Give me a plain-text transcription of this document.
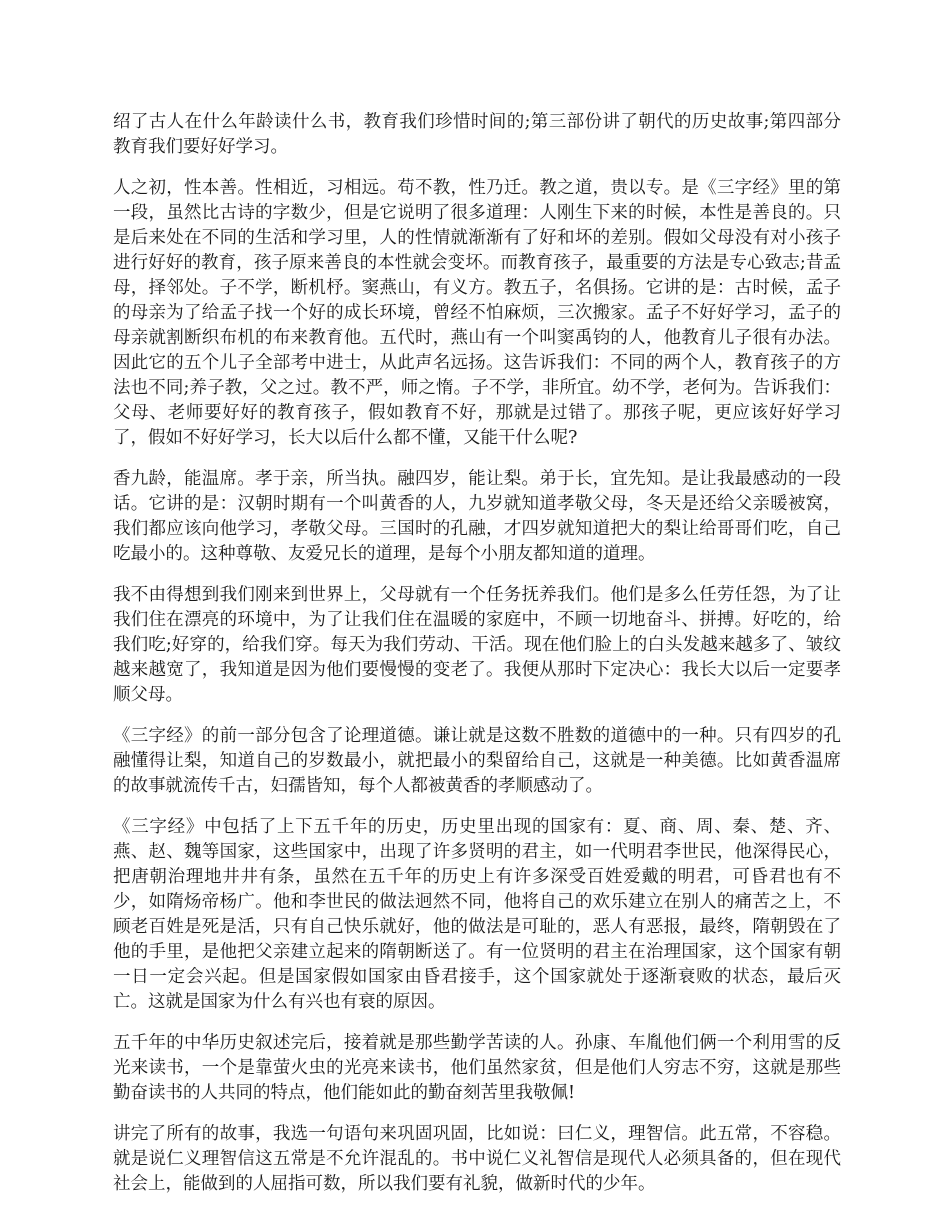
绍了古人在什么年龄读什么书，教育我们珍惜时间的;第三部份讲了朝代的历史故事;第四部分教育我们要好好学习。

人之初，性本善。性相近，习相远。苟不教，性乃迁。教之道，贵以专。是《三字经》里的第一段，虽然比古诗的字数少，但是它说明了很多道理：人刚生下来的时候，本性是善良的。只是后来处在不同的生活和学习里，人的性情就渐渐有了好和坏的差别。假如父母没有对小孩子进行好好的教育，孩子原来善良的本性就会变坏。而教育孩子，最重要的方法是专心致志;昔孟母，择邻处。子不学，断机杼。窦燕山，有义方。教五子，名俱扬。它讲的是：古时候，孟子的母亲为了给孟子找一个好的成长环境，曾经不怕麻烦，三次搬家。孟子不好好学习，孟子的母亲就割断织布机的布来教育他。五代时，燕山有一个叫窦禹钧的人，他教育儿子很有办法。因此它的五个儿子全部考中进士，从此声名远扬。这告诉我们：不同的两个人，教育孩子的方法也不同;养子教，父之过。教不严，师之惰。子不学，非所宜。幼不学，老何为。告诉我们：父母、老师要好好的教育孩子，假如教育不好，那就是过错了。那孩子呢，更应该好好学习了，假如不好好学习，长大以后什么都不懂，又能干什么呢?

香九龄，能温席。孝于亲，所当执。融四岁，能让梨。弟于长，宜先知。是让我最感动的一段话。它讲的是：汉朝时期有一个叫黄香的人，九岁就知道孝敬父母，冬天是还给父亲暖被窝，我们都应该向他学习，孝敬父母。三国时的孔融，才四岁就知道把大的梨让给哥哥们吃，自己吃最小的。这种尊敬、友爱兄长的道理，是每个小朋友都知道的道理。

我不由得想到我们刚来到世界上，父母就有一个任务抚养我们。他们是多么任劳任怨，为了让我们住在漂亮的环境中，为了让我们住在温暖的家庭中，不顾一切地奋斗、拼搏。好吃的，给我们吃;好穿的，给我们穿。每天为我们劳动、干活。现在他们脸上的白头发越来越多了、皱纹越来越宽了，我知道是因为他们要慢慢的变老了。我便从那时下定决心：我长大以后一定要孝顺父母。

《三字经》的前一部分包含了论理道德。谦让就是这数不胜数的道德中的一种。只有四岁的孔融懂得让梨，知道自己的岁数最小，就把最小的梨留给自己，这就是一种美德。比如黄香温席的故事就流传千古，妇孺皆知，每个人都被黄香的孝顺感动了。

《三字经》中包括了上下五千年的历史，历史里出现的国家有：夏、商、周、秦、楚、齐、燕、赵、魏等国家，这些国家中，出现了许多贤明的君主，如一代明君李世民，他深得民心，把唐朝治理地井井有条，虽然在五千年的历史上有许多深受百姓爱戴的明君，可昏君也有不少，如隋炀帝杨广。他和李世民的做法迥然不同，他将自己的欢乐建立在别人的痛苦之上，不顾老百姓是死是活，只有自己快乐就好，他的做法是可耻的，恶人有恶报，最终，隋朝毁在了他的手里，是他把父亲建立起来的隋朝断送了。有一位贤明的君主在治理国家，这个国家有朝一日一定会兴起。但是国家假如国家由昏君接手，这个国家就处于逐渐衰败的状态，最后灭亡。这就是国家为什么有兴也有衰的原因。

五千年的中华历史叙述完后，接着就是那些勤学苦读的人。孙康、车胤他们俩一个利用雪的反光来读书，一个是靠萤火虫的光亮来读书，他们虽然家贫，但是他们人穷志不穷，这就是那些勤奋读书的人共同的特点，他们能如此的勤奋刻苦里我敬佩!

讲完了所有的故事，我选一句语句来巩固巩固，比如说：曰仁义，理智信。此五常，不容稳。就是说仁义理智信这五常是不允许混乱的。书中说仁义礼智信是现代人必须具备的，但在现代社会上，能做到的人屈指可数，所以我们要有礼貌，做新时代的少年。
